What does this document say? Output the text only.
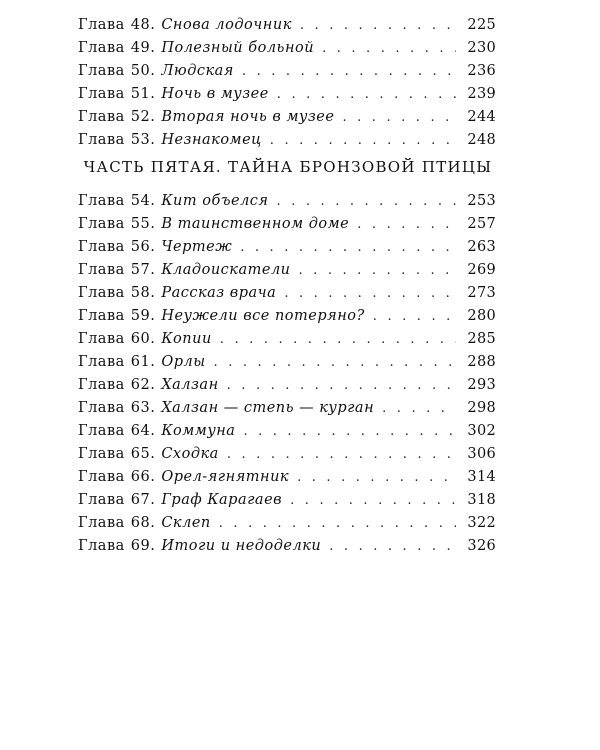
Глава 48. Снова лодочник . . .	225
Глава 49. Полезный больной . . .	230
Глава 50. Людская . . .	236
Глава 51. Ночь в музее . . .	239
Глава 52. Вторая ночь в музее . . .	244
Глава 53. Незнакомец . . .	248
ЧАСТЬ ПЯТАЯ. ТАЙНА БРОНЗОВОЙ ПТИЦЫ
Глава 54. Кит объелся . . .	253
Глава 55. В таинственном доме . . .	257
Глава 56. Чертеж . . .	263
Глава 57. Кладоискатели . . .	269
Глава 58. Рассказ врача . . .	273
Глава 59. Неужели все потеряно? . . .	280
Глава 60. Копии . . .	285
Глава 61. Орлы . . .	288
Глава 62. Халзан . . .	293
Глава 63. Халзан — степь — курган . . .	298
Глава 64. Коммуна . . .	302
Глава 65. Сходка . . .	306
Глава 66. Орел-ягнятник . . .	314
Глава 67. Граф Карагаев . . .	318
Глава 68. Склеп . . .	322
Глава 69. Итоги и недоделки . . .	326
